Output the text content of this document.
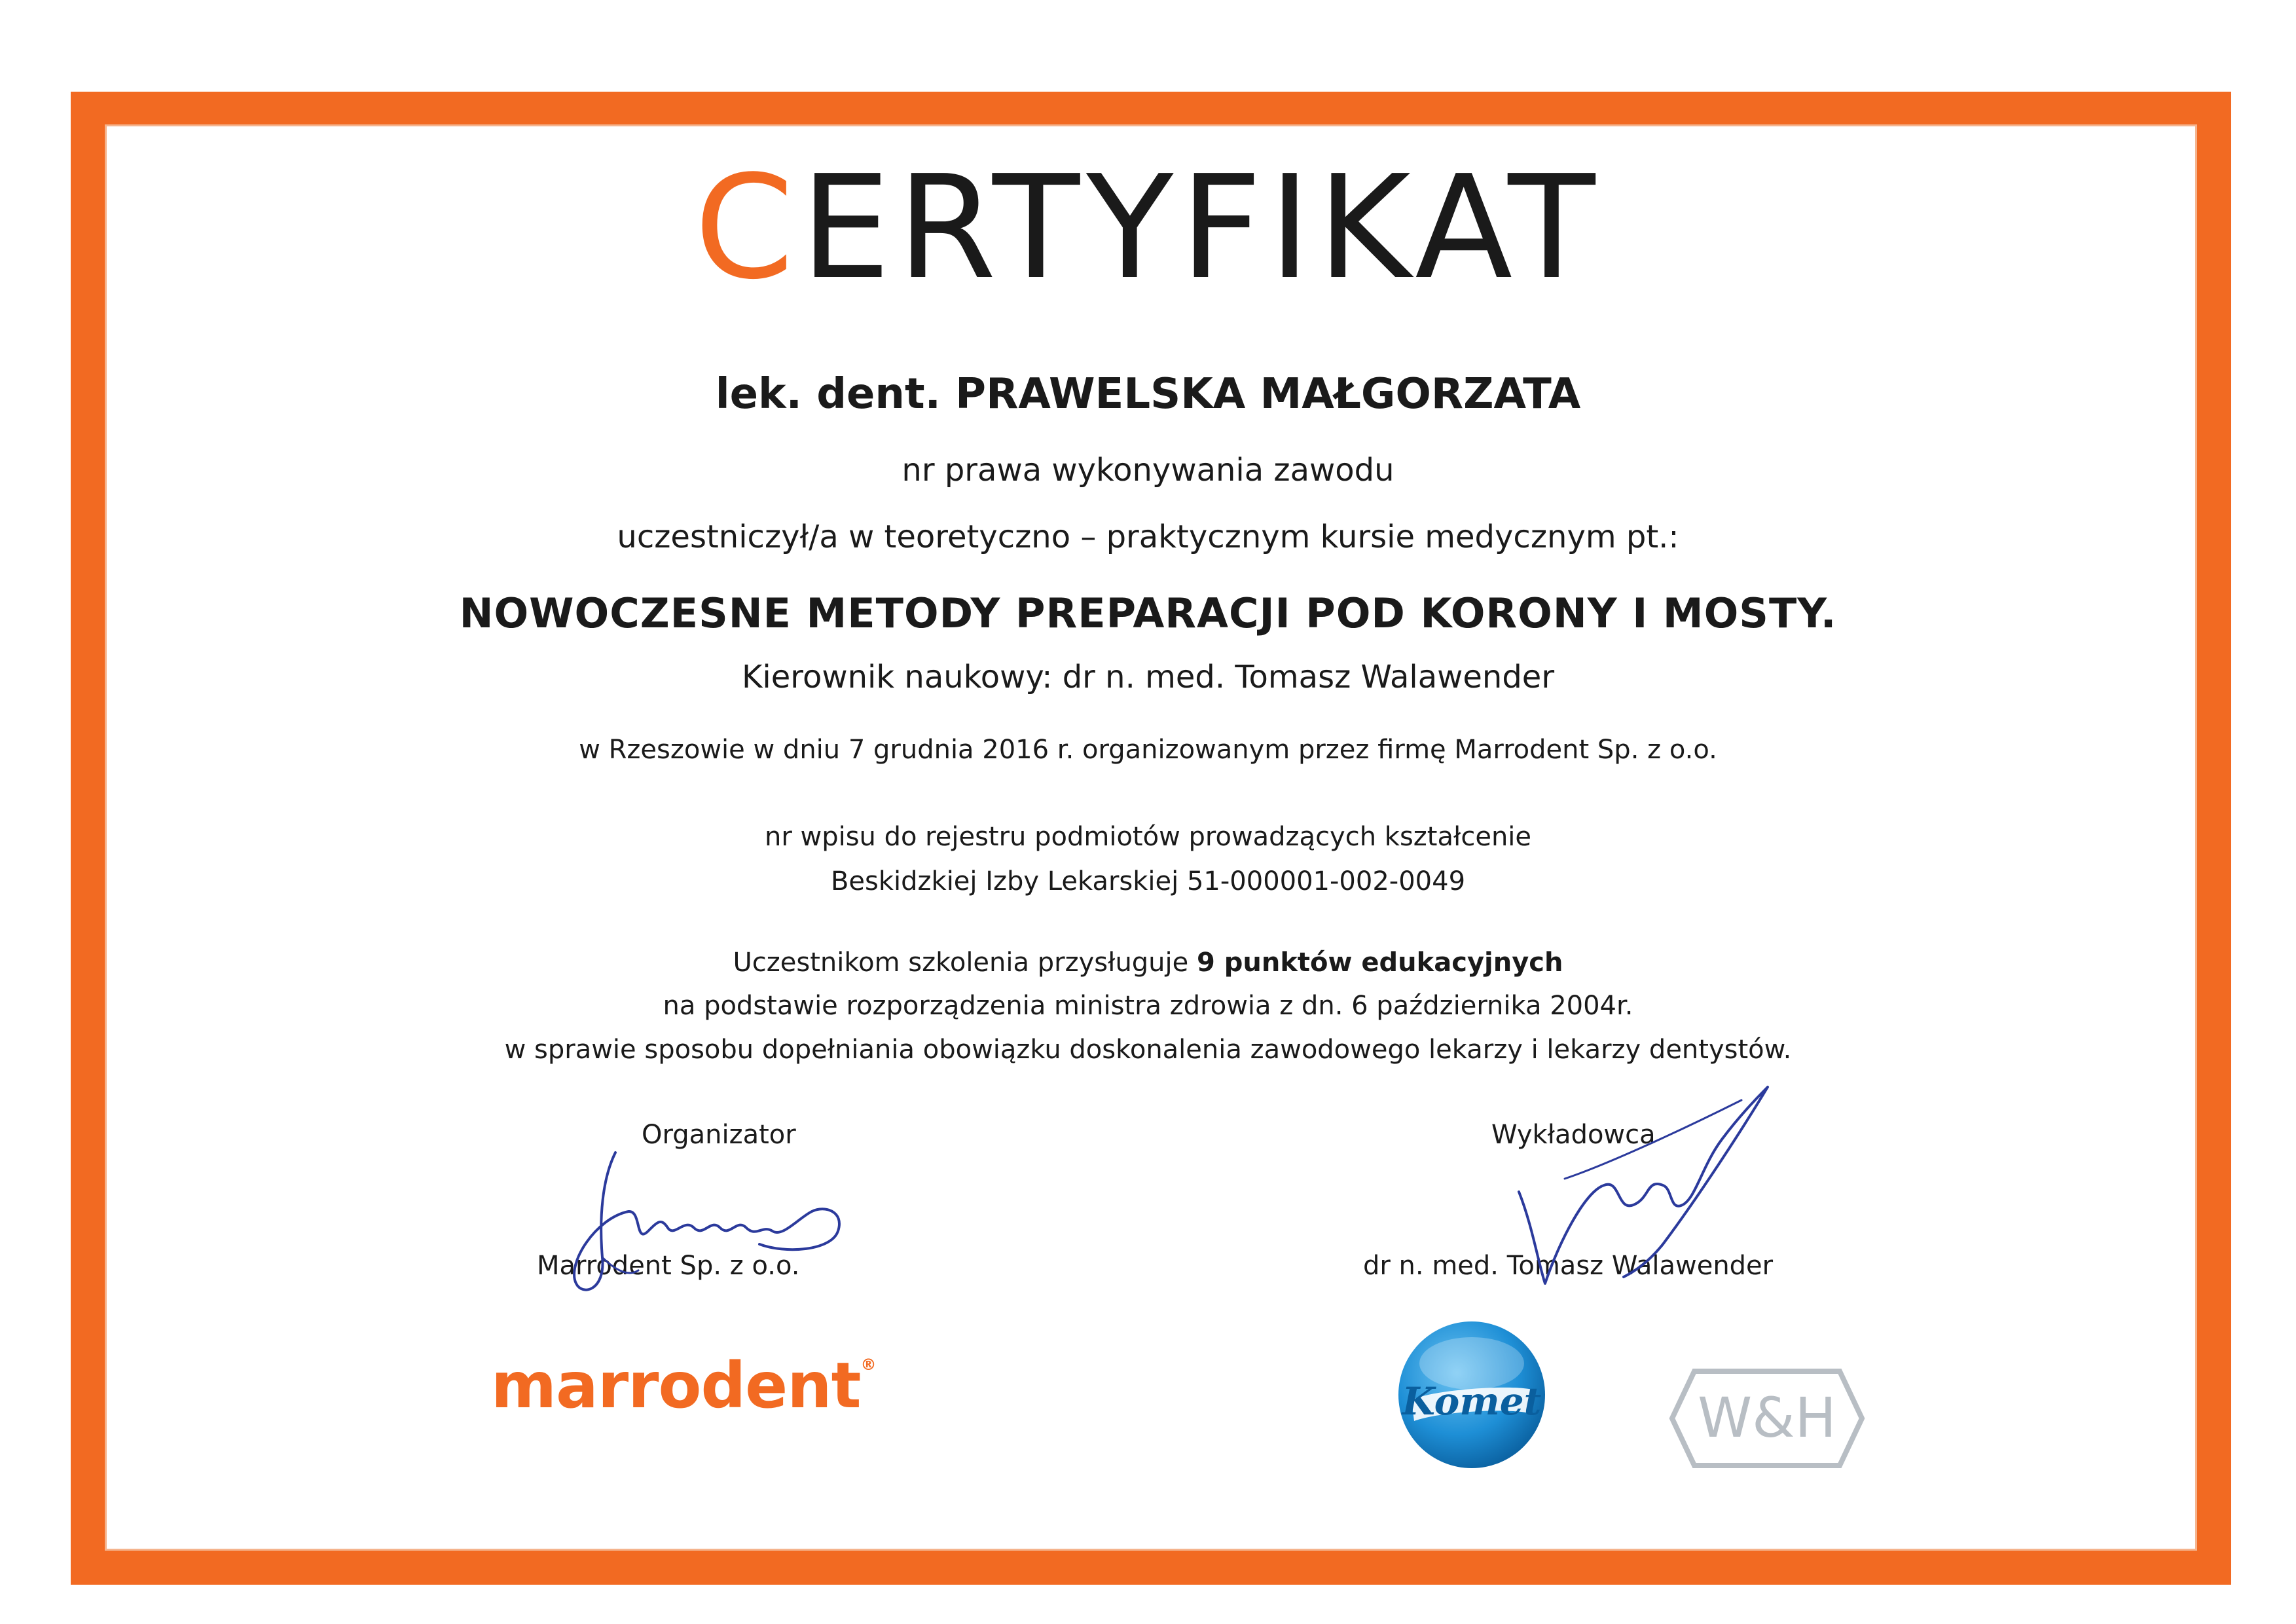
CERTYFIKAT
lek. dent. PRAWELSKA MAŁGORZATA
nr prawa wykonywania zawodu
uczestniczył/a w teoretyczno – praktycznym kursie medycznym pt.:
NOWOCZESNE METODY PREPARACJI POD KORONY I MOSTY.
Kierownik naukowy: dr n. med. Tomasz Walawender
w Rzeszowie w dniu 7 grudnia 2016 r. organizowanym przez firmę Marrodent Sp. z o.o.
nr wpisu do rejestru podmiotów prowadzących kształcenie
Beskidzkiej Izby Lekarskiej 51-000001-002-0049
Uczestnikom szkolenia przysługuje 9 punktów edukacyjnych
na podstawie rozporządzenia ministra zdrowia z dn. 6 października 2004r.
w sprawie sposobu dopełniania obowiązku doskonalenia zawodowego lekarzy i lekarzy dentystów.
Organizator
Marrodent Sp. z o.o.
Wykładowca
dr n. med. Tomasz Walawender
marrodent®
Komet	W&H
